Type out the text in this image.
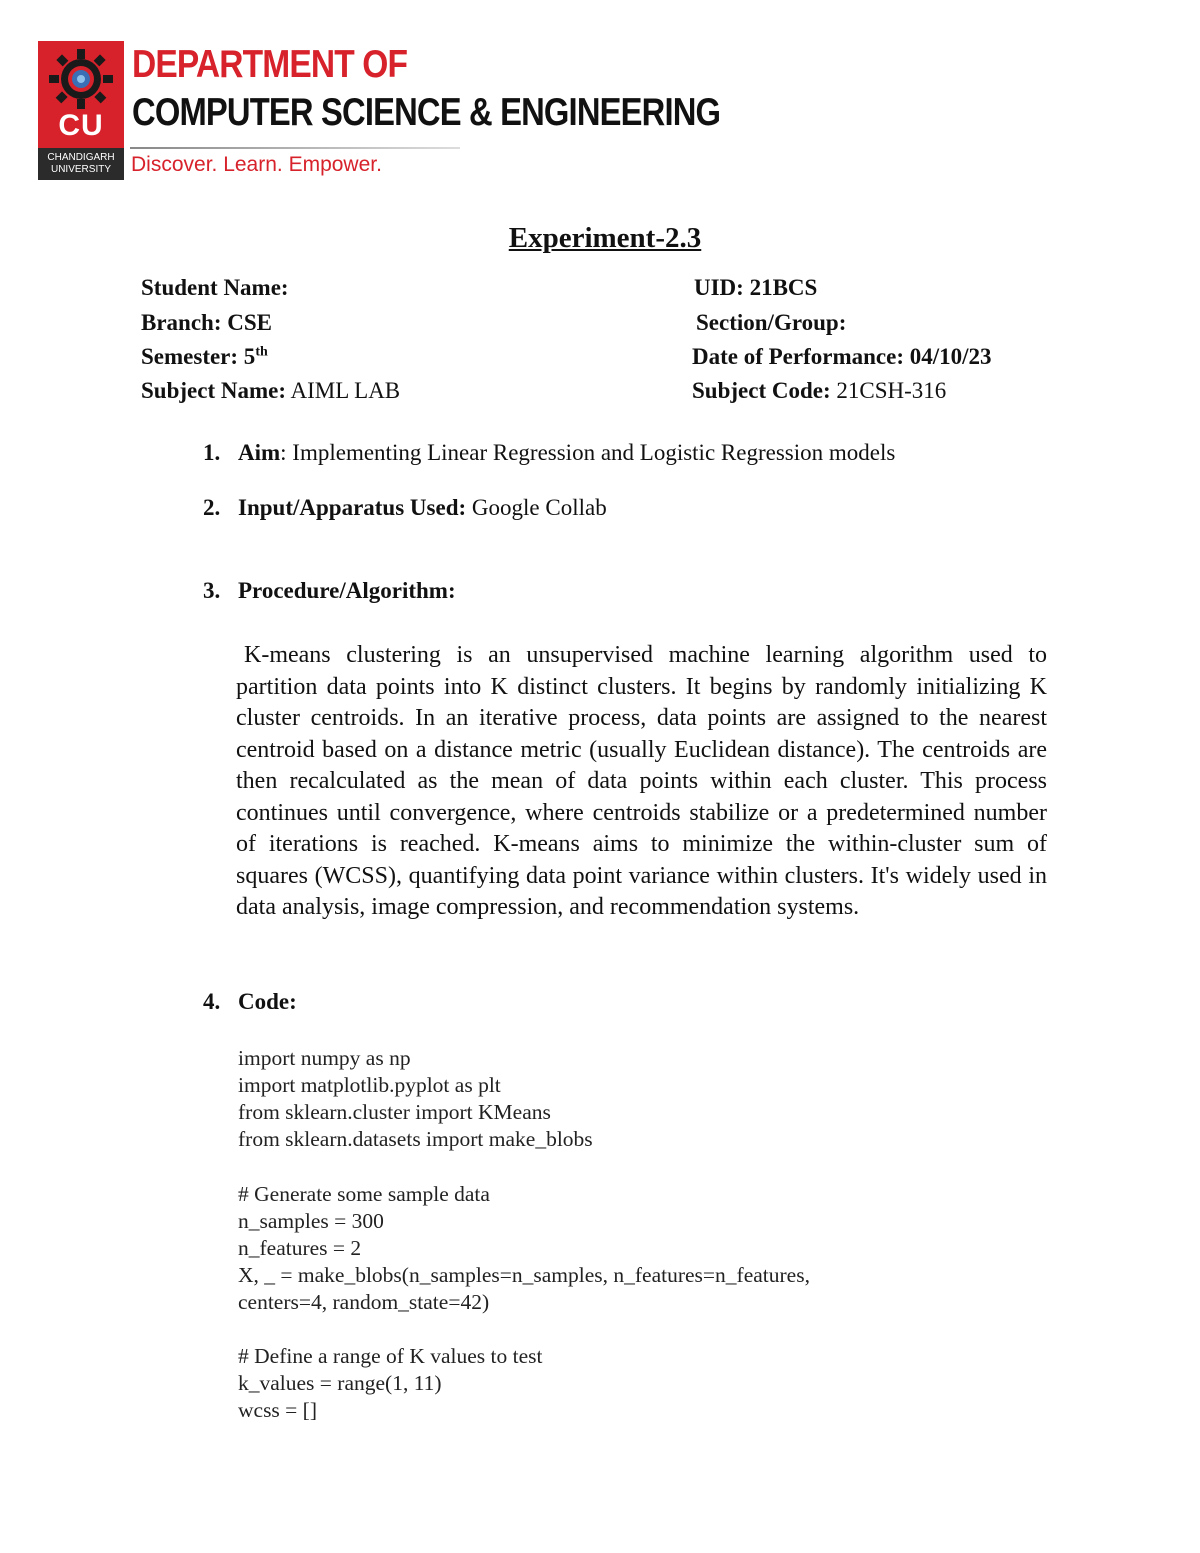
CU
CHANDIGARH
UNIVERSITY
DEPARTMENT OF
COMPUTER SCIENCE & ENGINEERING
Discover. Learn. Empower.
Experiment-2.3
Student Name:	UID: 21BCS
Branch: CSE	Section/Group:
Semester: 5th	Date of Performance: 04/10/23
Subject Name: AIML LAB	Subject Code: 21CSH-316
1. Aim: Implementing Linear Regression and Logistic Regression models
2. Input/Apparatus Used: Google Collab
3. Procedure/Algorithm:
K-means clustering is an unsupervised machine learning algorithm used to partition data points into K distinct clusters. It begins by randomly initializing K cluster centroids. In an iterative process, data points are assigned to the nearest centroid based on a distance metric (usually Euclidean distance). The centroids are then recalculated as the mean of data points within each cluster. This process continues until convergence, where centroids stabilize or a predetermined number of iterations is reached. K-means aims to minimize the within-cluster sum of squares (WCSS), quantifying data point variance within clusters. It's widely used in data analysis, image compression, and recommendation systems.
4. Code:
import numpy as np
import matplotlib.pyplot as plt
from sklearn.cluster import KMeans
from sklearn.datasets import make_blobs
# Generate some sample data
n_samples = 300
n_features = 2
X, _ = make_blobs(n_samples=n_samples, n_features=n_features,
centers=4, random_state=42)
# Define a range of K values to test
k_values = range(1, 11)
wcss = []
